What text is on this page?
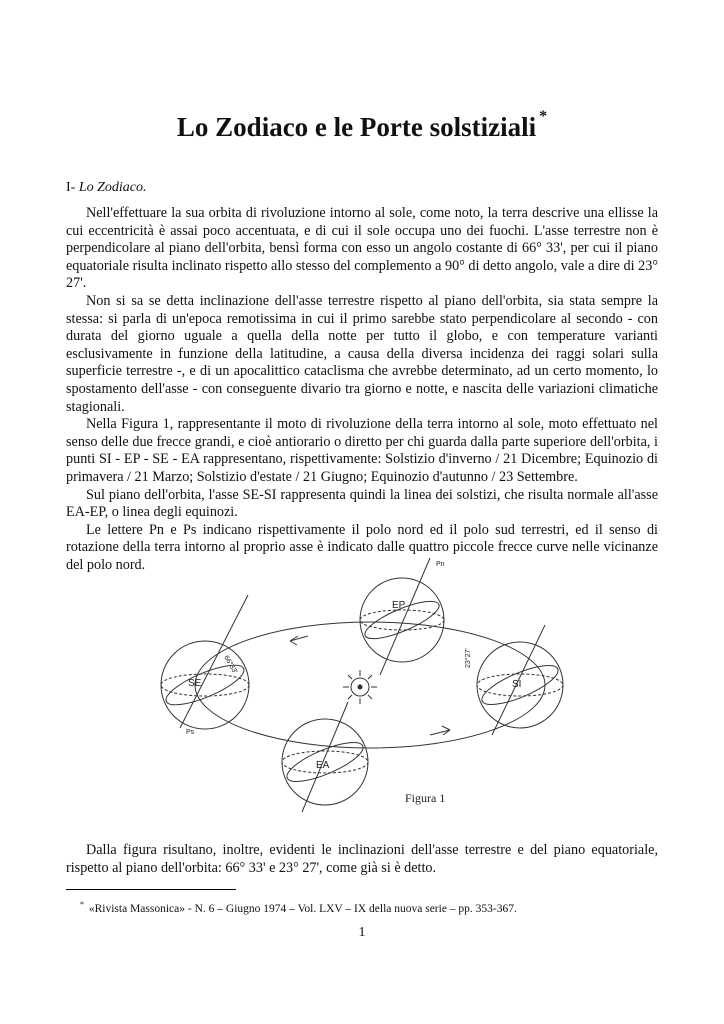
Lo Zodiaco e le Porte solstiziali *
I- Lo Zodiaco.

Nell'effettuare la sua orbita di rivoluzione intorno al sole, come noto, la terra descrive una ellisse la cui eccentricità è assai poco accentuata, e di cui il sole occupa uno dei fuochi. L'asse terrestre non è perpendicolare al piano dell'orbita, bensì forma con esso un angolo costante di 66° 33', per cui il piano equatoriale risulta inclinato rispetto allo stesso del complemento a 90° di detto angolo, vale a dire di 23° 27'.

Non si sa se detta inclinazione dell'asse terrestre rispetto al piano dell'orbita, sia stata sempre la stessa: si parla di un'epoca remotissima in cui il primo sarebbe stato perpendicolare al secondo - con durata del giorno uguale a quella della notte per tutto il globo, e con temperature varianti esclusivamente in funzione della latitudine, a causa della diversa incidenza dei raggi solari sulla superficie terrestre -, e di un apocalittico cataclisma che avrebbe determinato, ad un certo momento, lo spostamento dell'asse - con conseguente divario tra giorno e notte, e nascita delle variazioni climatiche stagionali.

Nella Figura 1, rappresentante il moto di rivoluzione della terra intorno al sole, moto effettuato nel senso delle due frecce grandi, e cioè antiorario o diretto per chi guarda dalla parte superiore dell'orbita, i punti SI - EP - SE - EA rappresentano, rispettivamente: Solstizio d'inverno / 21 Dicembre; Equinozio di primavera / 21 Marzo; Solstizio d'estate / 21 Giugno; Equinozio d'autunno / 23 Settembre.

Sul piano dell'orbita, l'asse SE-SI rappresenta quindi la linea dei solstizi, che risulta normale all'asse EA-EP, o linea degli equinozi.

Le lettere Pn e Ps indicano rispettivamente il polo nord ed il polo sud terrestri, ed il senso di rotazione della terra intorno al proprio asse è indicato dalle quattro piccole frecce curve nelle vicinanze del polo nord.

EP
SE	SI
EA
Pn
Ps
66°33'	23°27'
Figura 1

Dalla figura risultano, inoltre, evidenti le inclinazioni dell'asse terrestre e del piano equatoriale, rispetto al piano dell'orbita: 66° 33' e 23° 27', come già si è detto.

* «Rivista Massonica» - N. 6 – Giugno 1974 – Vol. LXV – IX della nuova serie – pp. 353-367.
1
